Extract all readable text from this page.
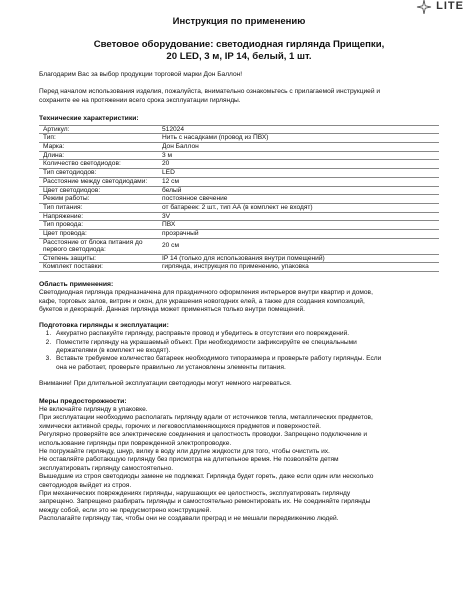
LITE
Инструкция по применению
Световое оборудование: светодиодная гирлянда Прищепки,
20 LED, 3 м, IP 14, белый, 1 шт.

Благодарим Вас за выбор продукции торговой марки Дон Баллон!

Перед началом использования изделия, пожалуйста, внимательно ознакомьтесь с прилагаемой инструкцией и
сохраните ее на протяжении всего срока эксплуатации гирлянды.
Технические характеристики:
Артикул:	512024
Тип:	Нить с насадками (провод из ПВХ)
Марка:	Дон Баллон
Длина:	3 м
Количество светодиодов:	20
Тип светодиодов:	LED
Расстояние между светодиодами:	12 см
Цвет светодиодов:	белый
Режим работы:	постоянное свечение
Тип питания:	от батареек: 2 шт., тип АА (в комплект не входят)
Напряжение:	3V
Тип провода:	ПВХ
Цвет провода:	прозрачный
Расстояние от блока питания до первого светодиода:	20 см
Степень защиты:	IP 14 (только для использования внутри помещений)
Комплект поставки:	гирлянда, инструкция по применению, упаковка
Область применения:
Светодиодная гирлянда предназначена для праздничного оформления интерьеров внутри квартир и домов,
кафе, торговых залов, витрин и окон, для украшения новогодних елей, а также для создания композиций,
букетов и декораций. Данная гирлянда может применяться только внутри помещений.
Подготовка гирлянды к эксплуатации:
1. Аккуратно распакуйте гирлянду, расправьте провод и убедитесь в отсутствии его повреждений.
2. Поместите гирлянду на украшаемый объект. При необходимости зафиксируйте ее специальными
держателями (в комплект не входят).
3. Вставьте требуемое количество батареек необходимого типоразмера и проверьте работу гирлянды. Если
она не работает, проверьте правильно ли установлены элементы питания.

Внимание! При длительной эксплуатации светодиоды могут немного нагреваться.

Меры предосторожности:
Не включайте гирлянду в упаковке.
При эксплуатации необходимо располагать гирлянду вдали от источников тепла, металлических предметов,
химически активной среды, горючих и легковоспламеняющихся предметов и поверхностей.
Регулярно проверяйте все электрические соединения и целостность проводки. Запрещено подключение и
использование гирлянды при поврежденной электропроводке.
Не погружайте гирлянду, шнур, вилку в воду или другие жидкости для того, чтобы очистить их.
Не оставляйте работающую гирлянду без присмотра на длительное время. Не позволяйте детям
эксплуатировать гирлянду самостоятельно.
Вышедшие из строя светодиоды замене не подлежат. Гирлянда будет гореть, даже если один или несколько
светодиодов выйдет из строя.
При механических повреждениях гирлянды, нарушающих ее целостность, эксплуатировать гирлянду
запрещено. Запрещено разбирать гирлянды и самостоятельно ремонтировать их. Не соединяйте гирлянды
между собой, если это не предусмотрено конструкцией.
Располагайте гирлянду так, чтобы они не создавали преград и не мешали передвижению людей.
